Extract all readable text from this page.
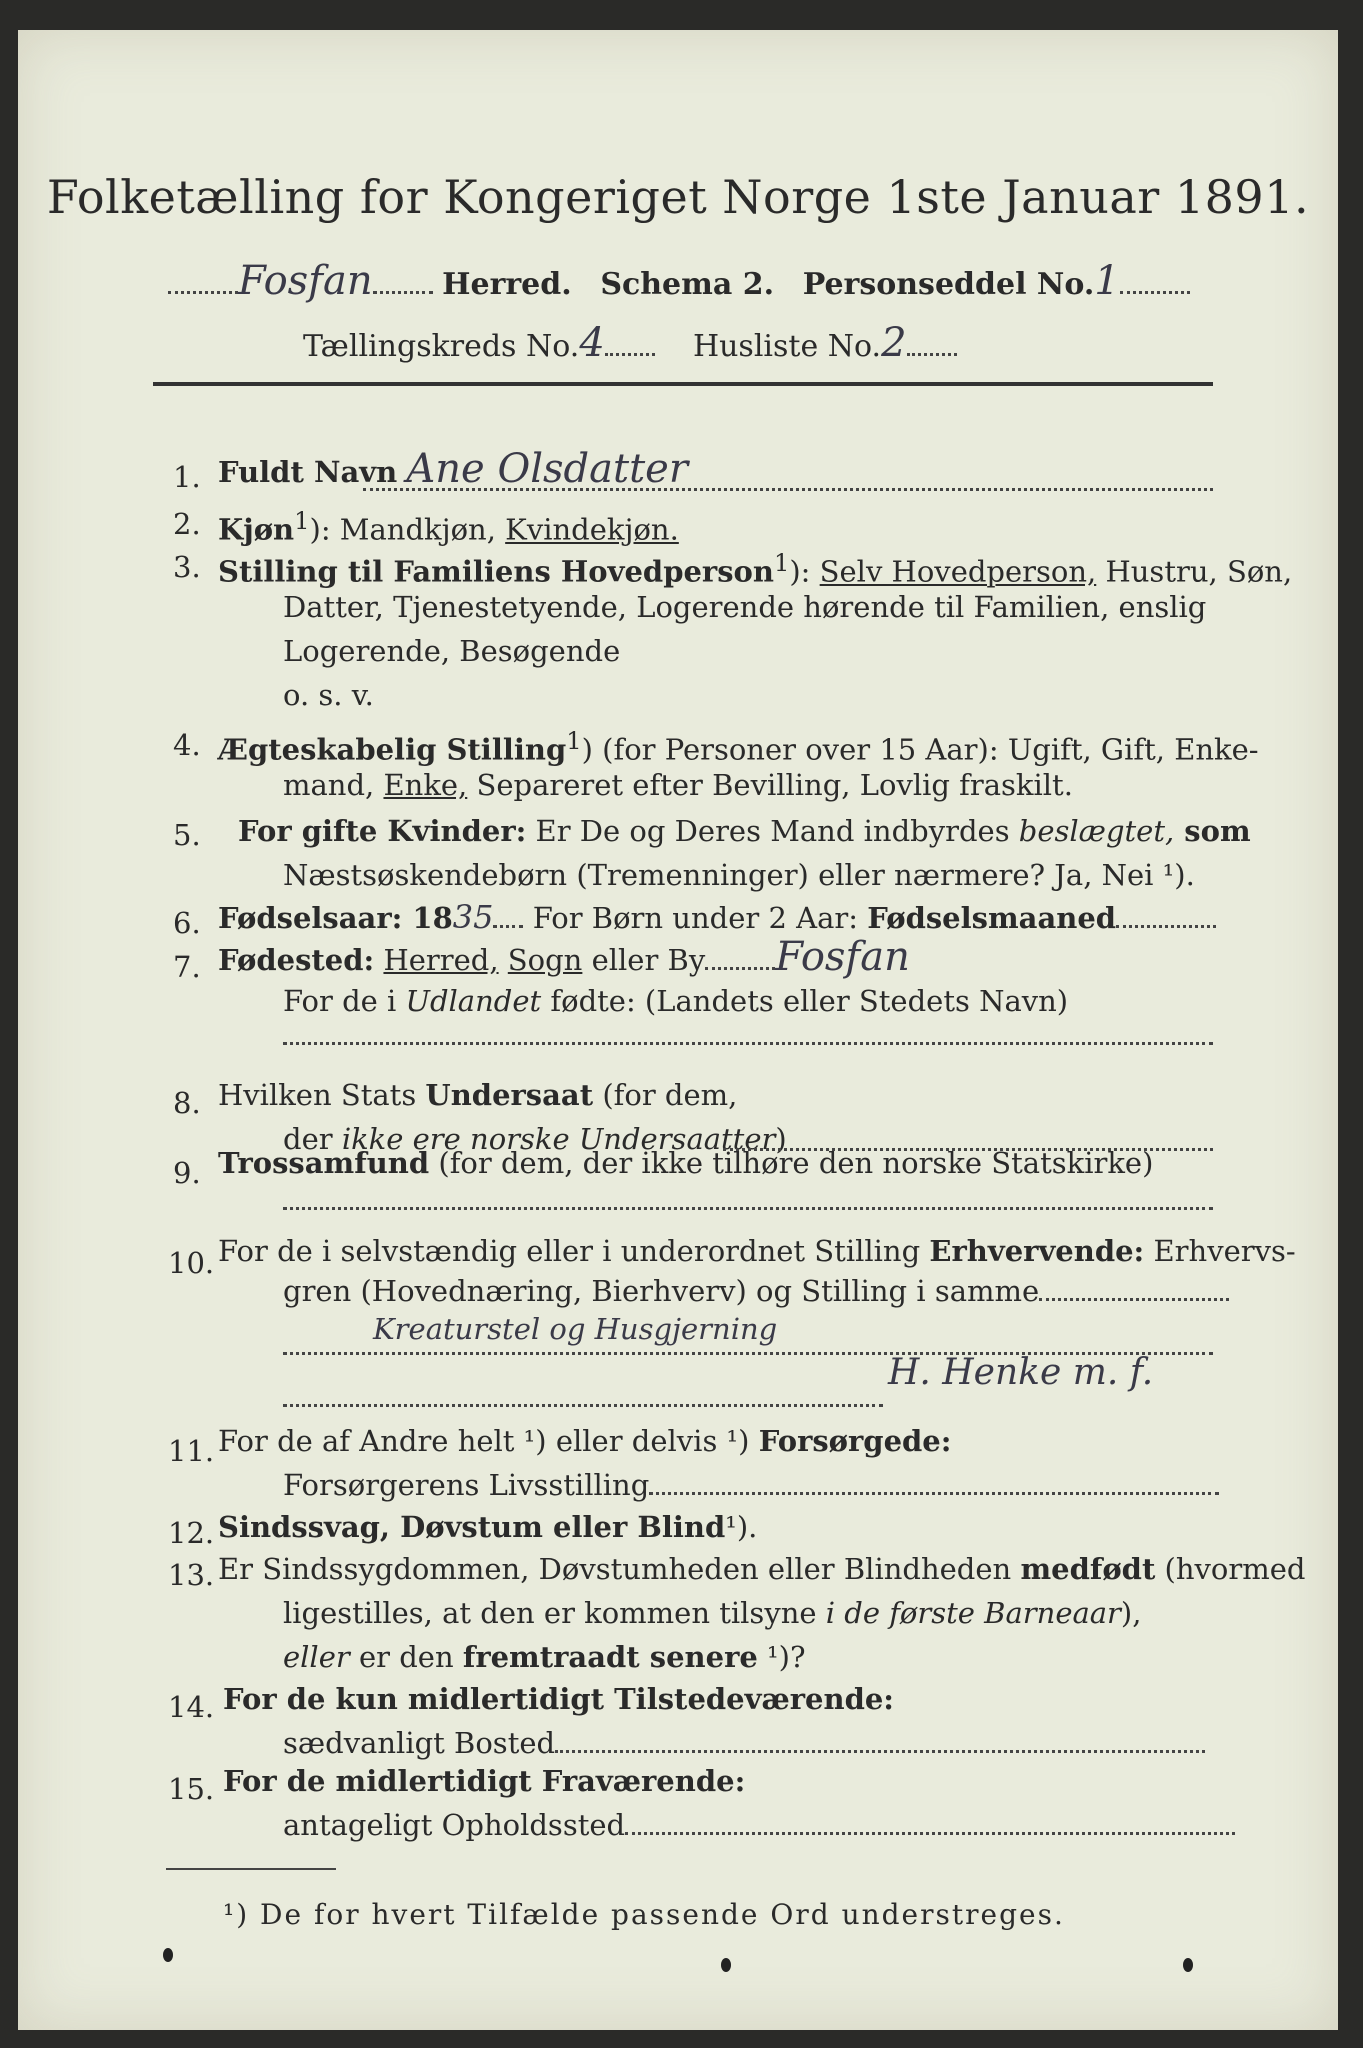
Folketælling for Kongeriget Norge 1ste Januar 1891.
Fosfan Herred. Schema 2. Personseddel No.1
Tællingskreds No.4	Husliste No.2
1. Fuldt Navn Ane Olsdatter
2. Kjøn$^1$): Mandkjøn, Kvindekjøn.
3. Stilling til Familiens Hovedperson$^1$): Selv Hovedperson, Hustru, Søn,
Datter, Tjenestetyende, Logerende hørende til Familien, enslig
Logerende, Besøgende
o. s. v.
4. Ægteskabelig Stilling$^1$) (for Personer over 15 Aar): Ugift, Gift, Enke-
mand, Enke, Separeret efter Bevilling, Lovlig fraskilt.
5. For gifte Kvinder: Er De og Deres Mand indbyrdes beslægtet, som
Næstsøskendebørn (Tremenninger) eller nærmere? Ja, Nei ¹).
6. Fødselsaar: 1835 For Børn under 2 Aar: Fødselsmaaned
7. Fødested: Herred, Sogn eller By Fosfan
For de i Udlandet fødte: (Landets eller Stedets Navn)
8. Hvilken Stats Undersaat (for dem,
der ikke ere norske Undersaatter)
9. Trossamfund (for dem, der ikke tilhøre den norske Statskirke)
10. For de i selvstændig eller i underordnet Stilling Erhvervende: Erhvervs-
gren (Hovednæring, Bierhverv) og Stilling i samme
Kreaturstel og Husgjerning
H. Henke m. f.
11. For de af Andre helt ¹) eller delvis ¹) Forsørgede:
Forsørgerens Livsstilling
12. Sindssvag, Døvstum eller Blind¹).
13. Er Sindssygdommen, Døvstumheden eller Blindheden medfødt (hvormed
ligestilles, at den er kommen tilsyne i de første Barneaar),
eller er den fremtraadt senere ¹)?
14. For de kun midlertidigt Tilstedeværende:
sædvanligt Bosted
15. For de midlertidigt Fraværende:
antageligt Opholdssted
¹) De for hvert Tilfælde passende Ord understreges.
